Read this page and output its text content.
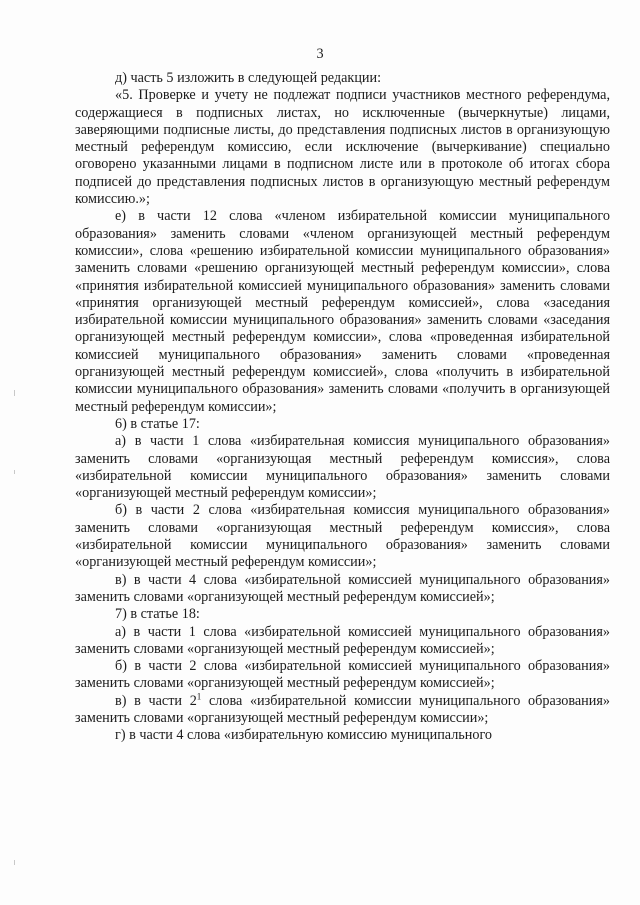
3

д) часть 5 изложить в следующей редакции:

«5. Проверке и учету не подлежат подписи участников местного референдума, содержащиеся в подписных листах, но исключенные (вычеркнутые) лицами, заверяющими подписные листы, до представления подписных листов в организующую местный референдум комиссию, если исключение (вычеркивание) специально оговорено указанными лицами в подписном листе или в протоколе об итогах сбора подписей до представления подписных листов в организующую местный референдум комиссию.»;

е) в части 12 слова «членом избирательной комиссии муниципального образования» заменить словами «членом организующей местный референдум комиссии», слова «решению избирательной комиссии муниципального образования» заменить словами «решению организующей местный референдум комиссии», слова «принятия избирательной комиссией муниципального образования» заменить словами «принятия организующей местный референдум комиссией», слова «заседания избирательной комиссии муниципального образования» заменить словами «заседания организующей местный референдум комиссии», слова «проведенная избирательной комиссией муниципального образования» заменить словами «проведенная организующей местный референдум комиссией», слова «получить в избирательной комиссии муниципального образования» заменить словами «получить в организующей местный референдум комиссии»;

6) в статье 17:

а) в части 1 слова «избирательная комиссия муниципального образования» заменить словами «организующая местный референдум комиссия», слова «избирательной комиссии муниципального образования» заменить словами «организующей местный референдум комиссии»;

б) в части 2 слова «избирательная комиссия муниципального образования» заменить словами «организующая местный референдум комиссия», слова «избирательной комиссии муниципального образования» заменить словами «организующей местный референдум комиссии»;

в) в части 4 слова «избирательной комиссией муниципального образования» заменить словами «организующей местный референдум комиссией»;

7) в статье 18:

а) в части 1 слова «избирательной комиссией муниципального образования» заменить словами «организующей местный референдум комиссией»;

б) в части 2 слова «избирательной комиссией муниципального образования» заменить словами «организующей местный референдум комиссией»;

в) в части $2^1$ слова «избирательной комиссии муниципального образования» заменить словами «организующей местный референдум комиссии»;

г) в части 4 слова «избирательную комиссию муниципального
